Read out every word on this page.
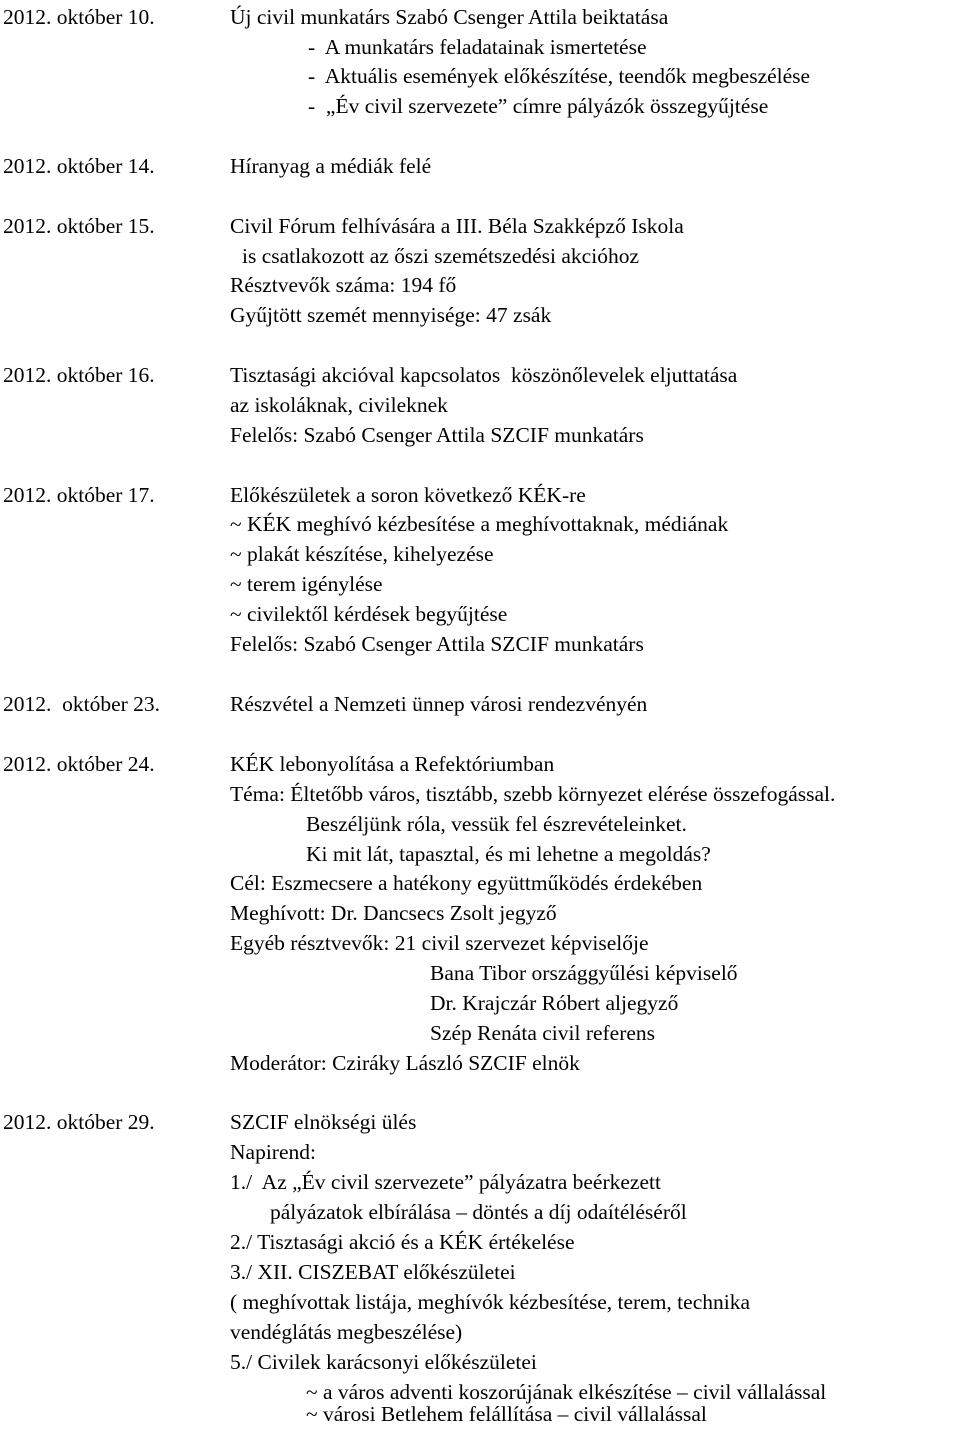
2012. október 10.	Új civil munkatárs Szabó Csenger Attila beiktatása
-  A munkatárs feladatainak ismertetése
-  Aktuális események előkészítése, teendők megbeszélése
-  „Év civil szervezete” címre pályázók összegyűjtése
2012. október 14.	Híranyag a médiák felé
2012. október 15.	Civil Fórum felhívására a III. Béla Szakképző Iskola
is csatlakozott az őszi szemétszedési akcióhoz
Résztvevők száma: 194 fő
Gyűjtött szemét mennyisége: 47 zsák
2012. október 16.	Tisztasági akcióval kapcsolatos  köszönőlevelek eljuttatása
az iskoláknak, civileknek
Felelős: Szabó Csenger Attila SZCIF munkatárs
2012. október 17.	Előkészületek a soron következő KÉK-re
~ KÉK meghívó kézbesítése a meghívottaknak, médiának
~ plakát készítése, kihelyezése
~ terem igénylése
~ civilektől kérdések begyűjtése
Felelős: Szabó Csenger Attila SZCIF munkatárs
2012.  október 23.	Részvétel a Nemzeti ünnep városi rendezvényén
2012. október 24.	KÉK lebonyolítása a Refektóriumban
Téma: Éltetőbb város, tisztább, szebb környezet elérése összefogással.
Beszéljünk róla, vessük fel észrevételeinket.
Ki mit lát, tapasztal, és mi lehetne a megoldás?
Cél: Eszmecsere a hatékony együttműködés érdekében
Meghívott: Dr. Dancsecs Zsolt jegyző
Egyéb résztvevők: 21 civil szervezet képviselője
Bana Tibor országgyűlési képviselő
Dr. Krajczár Róbert aljegyző
Szép Renáta civil referens
Moderátor: Cziráky László SZCIF elnök
2012. október 29.	SZCIF elnökségi ülés
Napirend:
1./  Az „Év civil szervezete” pályázatra beérkezett
pályázatok elbírálása – döntés a díj odaítéléséről
2./ Tisztasági akció és a KÉK értékelése
3./ XII. CISZEBAT előkészületei
( meghívottak listája, meghívók kézbesítése, terem, technika
vendéglátás megbeszélése)
5./ Civilek karácsonyi előkészületei
~ a város adventi koszorújának elkészítése – civil vállalással
~ városi Betlehem felállítása – civil vállalással
